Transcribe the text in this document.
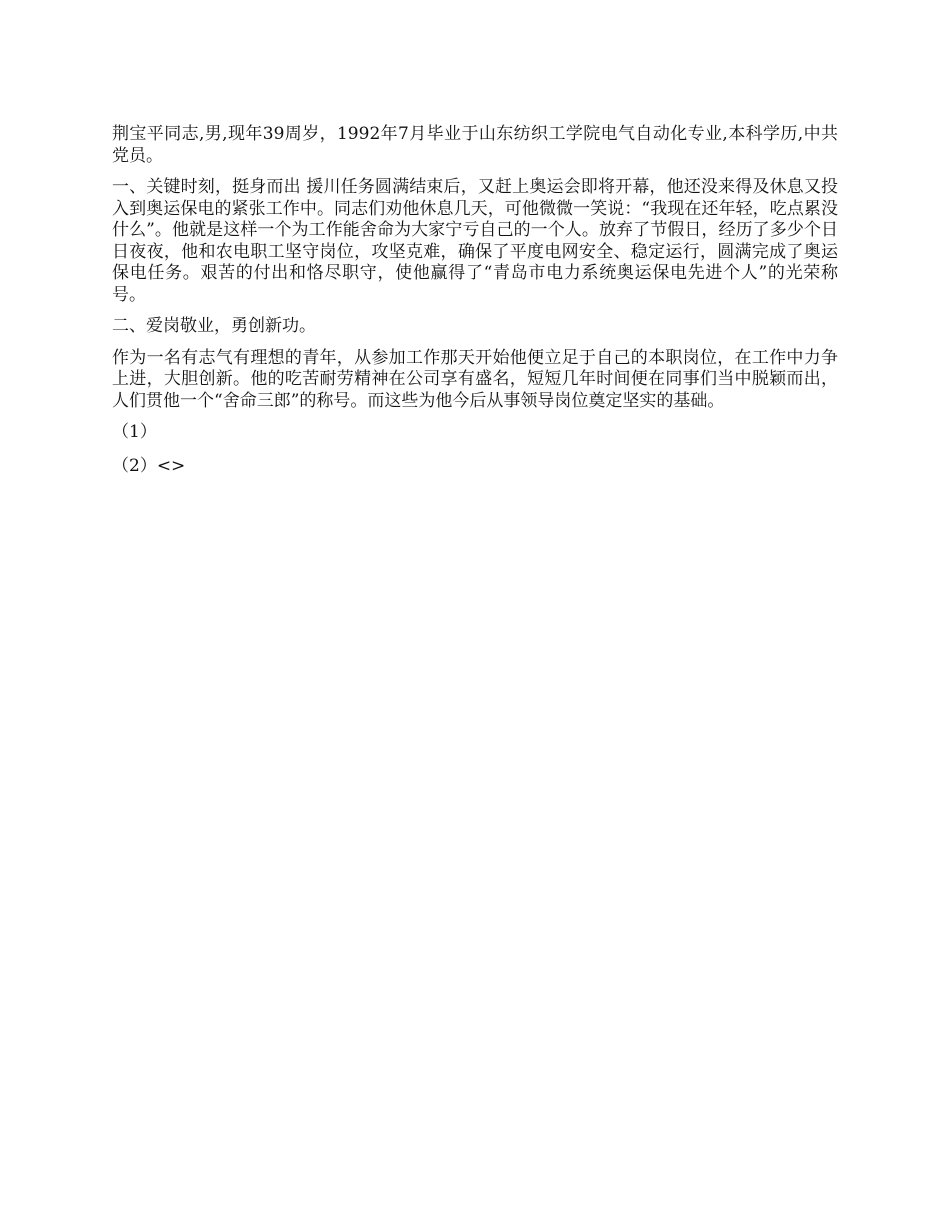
荆宝平同志,男,现年39周岁，1992年7月毕业于山东纺织工学院电气自动化专业,本科学历,中共党员。

一、关键时刻，挺身而出 援川任务圆满结束后，又赶上奥运会即将开幕，他还没来得及休息又投入到奥运保电的紧张工作中。同志们劝他休息几天，可他微微一笑说：“我现在还年轻，吃点累没什么”。他就是这样一个为工作能舍命为大家宁亏自己的一个人。放弃了节假日，经历了多少个日日夜夜，他和农电职工坚守岗位，攻坚克难，确保了平度电网安全、稳定运行，圆满完成了奥运保电任务。艰苦的付出和恪尽职守，使他赢得了“青岛市电力系统奥运保电先进个人”的光荣称号。

二、爱岗敬业，勇创新功。

作为一名有志气有理想的青年，从参加工作那天开始他便立足于自己的本职岗位，在工作中力争上进，大胆创新。他的吃苦耐劳精神在公司享有盛名，短短几年时间便在同事们当中脱颖而出，人们贯他一个“舍命三郎”的称号。而这些为他今后从事领导岗位奠定坚实的基础。

（1）

（2）<>
